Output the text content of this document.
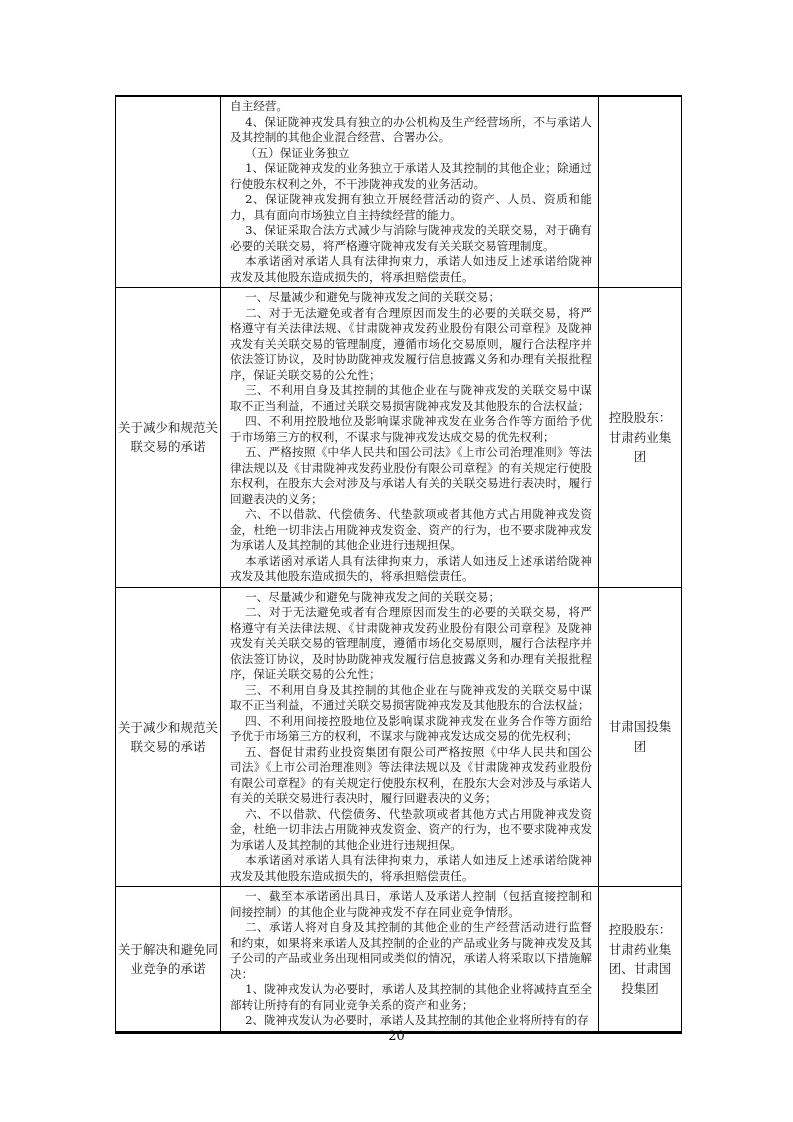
自主经营。

4、保证陇神戎发具有独立的办公机构及生产经营场所，不与承诺人及其控制的其他企业混合经营、合署办公。

（五）保证业务独立

1、保证陇神戎发的业务独立于承诺人及其控制的其他企业；除通过行使股东权利之外，不干涉陇神戎发的业务活动。

2、保证陇神戎发拥有独立开展经营活动的资产、人员、资质和能力，具有面向市场独立自主持续经营的能力。

3、保证采取合法方式减少与消除与陇神戎发的关联交易，对于确有必要的关联交易，将严格遵守陇神戎发有关关联交易管理制度。

本承诺函对承诺人具有法律拘束力，承诺人如违反上述承诺给陇神戎发及其他股东造成损失的，将承担赔偿责任。

关于减少和规范关联交易的承诺

一、尽量减少和避免与陇神戎发之间的关联交易；

二、对于无法避免或者有合理原因而发生的必要的关联交易，将严格遵守有关法律法规、《甘肃陇神戎发药业股份有限公司章程》及陇神戎发有关关联交易的管理制度，遵循市场化交易原则，履行合法程序并依法签订协议，及时协助陇神戎发履行信息披露义务和办理有关报批程序，保证关联交易的公允性；

三、不利用自身及其控制的其他企业在与陇神戎发的关联交易中谋取不正当利益，不通过关联交易损害陇神戎发及其他股东的合法权益；

四、不利用控股地位及影响谋求陇神戎发在业务合作等方面给予优于市场第三方的权利，不谋求与陇神戎发达成交易的优先权利；

五、严格按照《中华人民共和国公司法》《上市公司治理准则》等法律法规以及《甘肃陇神戎发药业股份有限公司章程》的有关规定行使股东权利，在股东大会对涉及与承诺人有关的关联交易进行表决时，履行回避表决的义务；

六、不以借款、代偿债务、代垫款项或者其他方式占用陇神戎发资金，杜绝一切非法占用陇神戎发资金、资产的行为，也不要求陇神戎发为承诺人及其控制的其他企业进行违规担保。

本承诺函对承诺人具有法律拘束力，承诺人如违反上述承诺给陇神戎发及其他股东造成损失的，将承担赔偿责任。

控股股东：甘肃药业集团
关于减少和规范关联交易的承诺

一、尽量减少和避免与陇神戎发之间的关联交易；

二、对于无法避免或者有合理原因而发生的必要的关联交易，将严格遵守有关法律法规、《甘肃陇神戎发药业股份有限公司章程》及陇神戎发有关关联交易的管理制度，遵循市场化交易原则，履行合法程序并依法签订协议，及时协助陇神戎发履行信息披露义务和办理有关报批程序，保证关联交易的公允性；

三、不利用自身及其控制的其他企业在与陇神戎发的关联交易中谋取不正当利益，不通过关联交易损害陇神戎发及其他股东的合法权益；

四、不利用间接控股地位及影响谋求陇神戎发在业务合作等方面给予优于市场第三方的权利，不谋求与陇神戎发达成交易的优先权利；

五、督促甘肃药业投资集团有限公司严格按照《中华人民共和国公司法》《上市公司治理准则》等法律法规以及《甘肃陇神戎发药业股份有限公司章程》的有关规定行使股东权利，在股东大会对涉及与承诺人有关的关联交易进行表决时，履行回避表决的义务；

六、不以借款、代偿债务、代垫款项或者其他方式占用陇神戎发资金，杜绝一切非法占用陇神戎发资金、资产的行为，也不要求陇神戎发为承诺人及其控制的其他企业进行违规担保。

本承诺函对承诺人具有法律拘束力，承诺人如违反上述承诺给陇神戎发及其他股东造成损失的，将承担赔偿责任。

甘肃国投集团
关于解决和避免同业竞争的承诺

一、截至本承诺函出具日，承诺人及承诺人控制（包括直接控制和间接控制）的其他企业与陇神戎发不存在同业竞争情形。

二、承诺人将对自身及其控制的其他企业的生产经营活动进行监督和约束，如果将来承诺人及其控制的企业的产品或业务与陇神戎发及其子公司的产品或业务出现相同或类似的情况，承诺人将采取以下措施解决：

1、陇神戎发认为必要时，承诺人及其控制的其他企业将减持直至全部转让所持有的有同业竞争关系的资产和业务；

2、陇神戎发认为必要时，承诺人及其控制的其他企业将所持有的存

控股股东：甘肃药业集团、甘肃国投集团
20
